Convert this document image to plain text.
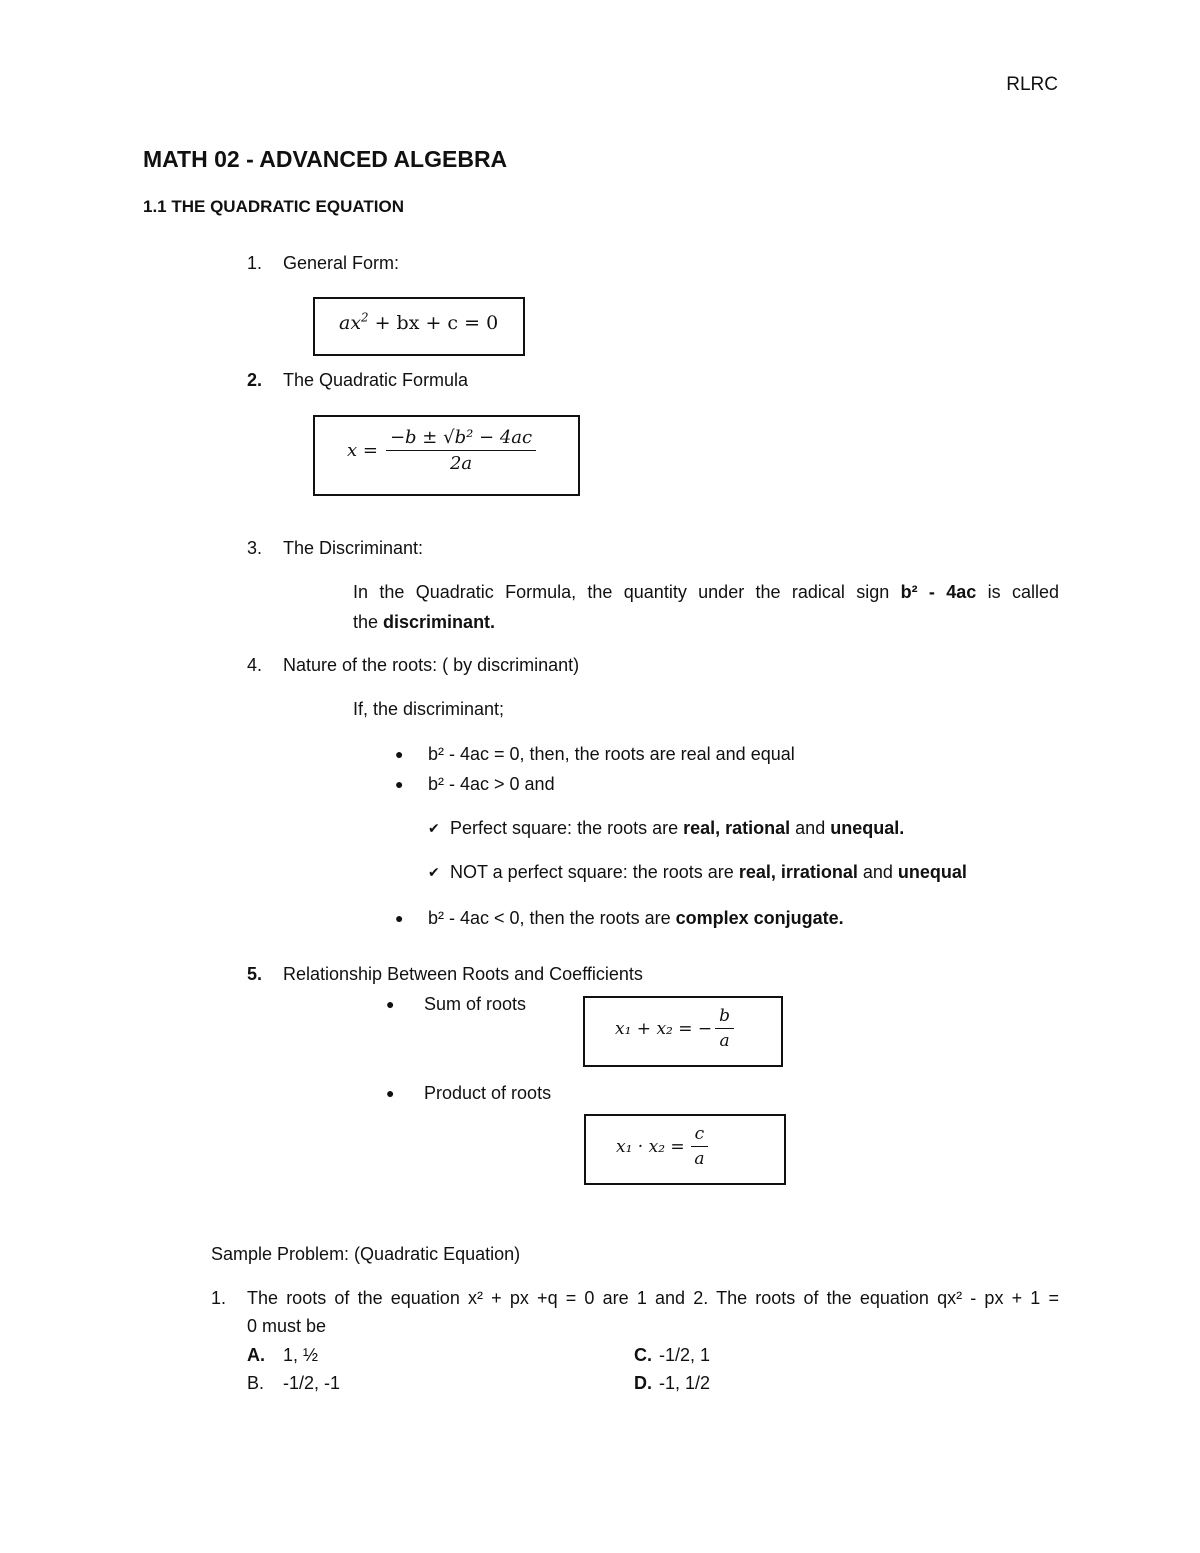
RLRC
MATH 02 - ADVANCED ALGEBRA
1.1 THE QUADRATIC EQUATION
1. General Form:
$ax^2$ + bx + c = 0
2. The Quadratic Formula
$x = \frac{\text{−b ± √b² − 4ac}}{2a}$
3. The Discriminant:
In the Quadratic Formula, the quantity under the radical sign b² - 4ac is called
the discriminant.
4. Nature of the roots: ( by discriminant)
If, the discriminant;
● b² - 4ac = 0, then, the roots are real and equal
● b² - 4ac > 0 and
✔ Perfect square: the roots are real, rational and unequal.
✔ NOT a perfect square: the roots are real, irrational and unequal
● b² - 4ac < 0, then the roots are complex conjugate.
5. Relationship Between Roots and Coefficients
● Sum of roots
x₁ + x₂ = − $\frac{b}{a}$
● Product of roots
$x_1 \cdot x_2 = \frac{c}{a}$
Sample Problem: (Quadratic Equation)
1. The roots of the equation x² + px +q = 0 are 1 and 2. The roots of the equation qx² - px + 1 =
0 must be
A. 1, ½
B. -1/2, -1
C. -1/2, 1
D. -1, 1/2
